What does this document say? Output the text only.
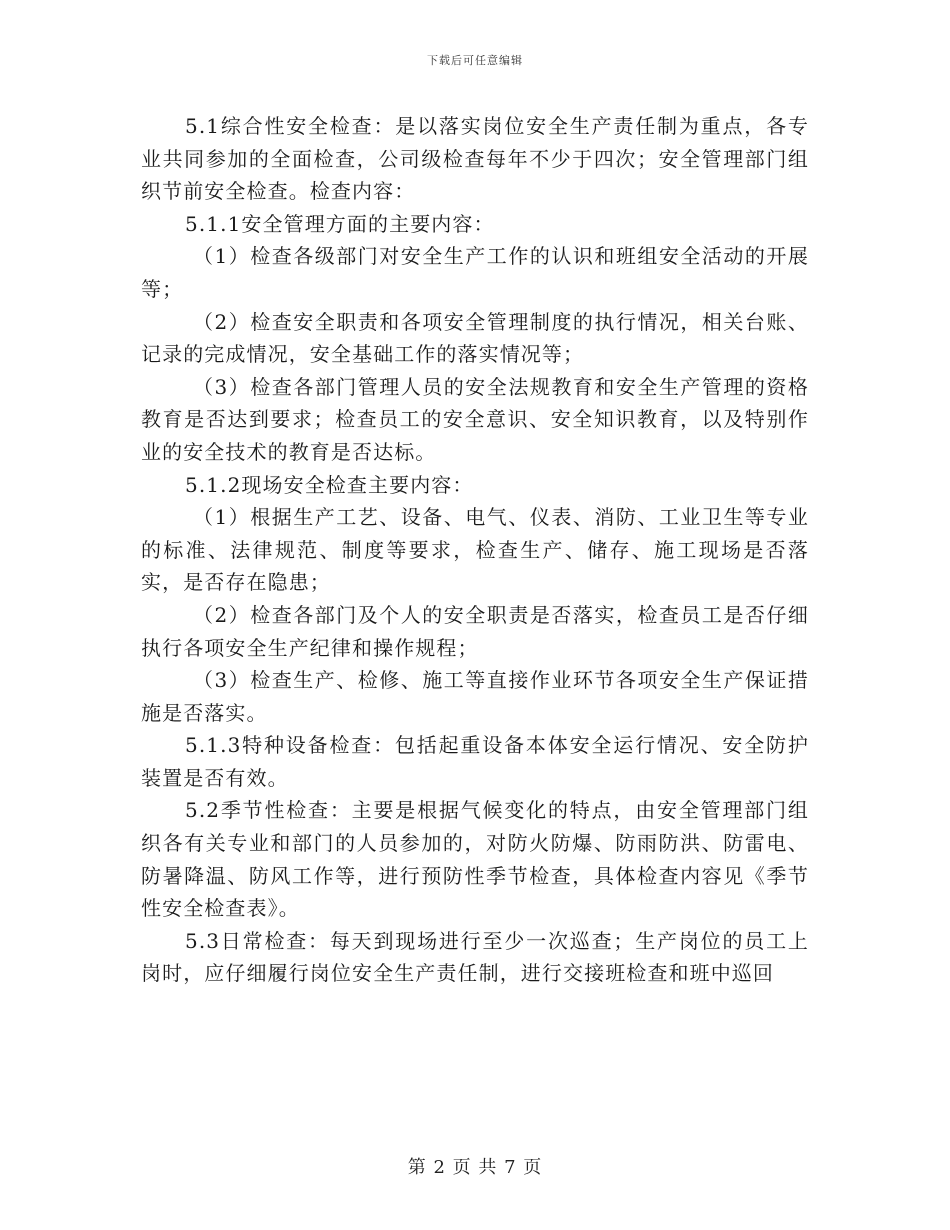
下载后可任意编辑

5.1综合性安全检查：是以落实岗位安全生产责任制为重点，各专业共同参加的全面检查，公司级检查每年不少于四次；安全管理部门组织节前安全检查。检查内容：

5.1.1安全管理方面的主要内容：

（1）检查各级部门对安全生产工作的认识和班组安全活动的开展等；

（2）检查安全职责和各项安全管理制度的执行情况，相关台账、记录的完成情况，安全基础工作的落实情况等；

（3）检查各部门管理人员的安全法规教育和安全生产管理的资格教育是否达到要求；检查员工的安全意识、安全知识教育，以及特别作业的安全技术的教育是否达标。

5.1.2现场安全检查主要内容：

（1）根据生产工艺、设备、电气、仪表、消防、工业卫生等专业的标准、法律规范、制度等要求，检查生产、储存、施工现场是否落实，是否存在隐患；

（2）检查各部门及个人的安全职责是否落实，检查员工是否仔细执行各项安全生产纪律和操作规程；

（3）检查生产、检修、施工等直接作业环节各项安全生产保证措施是否落实。

5.1.3特种设备检查：包括起重设备本体安全运行情况、安全防护装置是否有效。

5.2季节性检查：主要是根据气候变化的特点，由安全管理部门组织各有关专业和部门的人员参加的，对防火防爆、防雨防洪、防雷电、防暑降温、防风工作等，进行预防性季节检查，具体检查内容见《季节性安全检查表》。

5.3日常检查：每天到现场进行至少一次巡查；生产岗位的员工上岗时，应仔细履行岗位安全生产责任制，进行交接班检查和班中巡回

第 2 页 共 7 页
